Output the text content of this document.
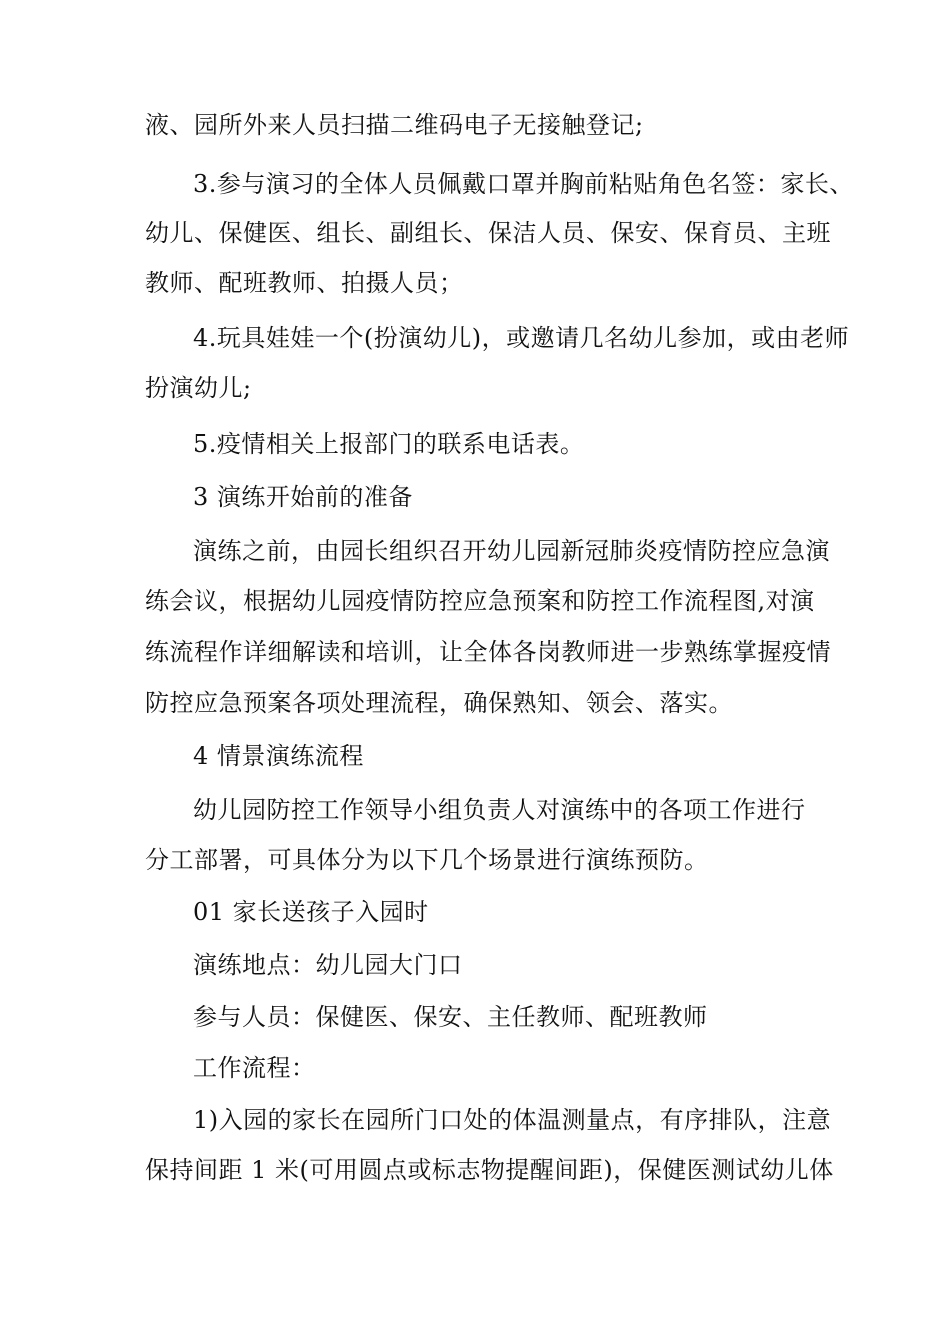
液、园所外来人员扫描二维码电子无接触登记;
3.参与演习的全体人员佩戴口罩并胸前粘贴角色名签：家长、
幼儿、保健医、组长、副组长、保洁人员、保安、保育员、主班
教师、配班教师、拍摄人员；
4.玩具娃娃一个(扮演幼儿)，或邀请几名幼儿参加，或由老师
扮演幼儿;
5.疫情相关上报部门的联系电话表。
3 演练开始前的准备
演练之前，由园长组织召开幼儿园新冠肺炎疫情防控应急演
练会议，根据幼儿园疫情防控应急预案和防控工作流程图,对演
练流程作详细解读和培训，让全体各岗教师进一步熟练掌握疫情
防控应急预案各项处理流程，确保熟知、领会、落实。
4 情景演练流程
幼儿园防控工作领导小组负责人对演练中的各项工作进行
分工部署，可具体分为以下几个场景进行演练预防。
01 家长送孩子入园时
演练地点：幼儿园大门口
参与人员：保健医、保安、主任教师、配班教师
工作流程：
1)入园的家长在园所门口处的体温测量点，有序排队，注意
保持间距 1 米(可用圆点或标志物提醒间距)，保健医测试幼儿体
